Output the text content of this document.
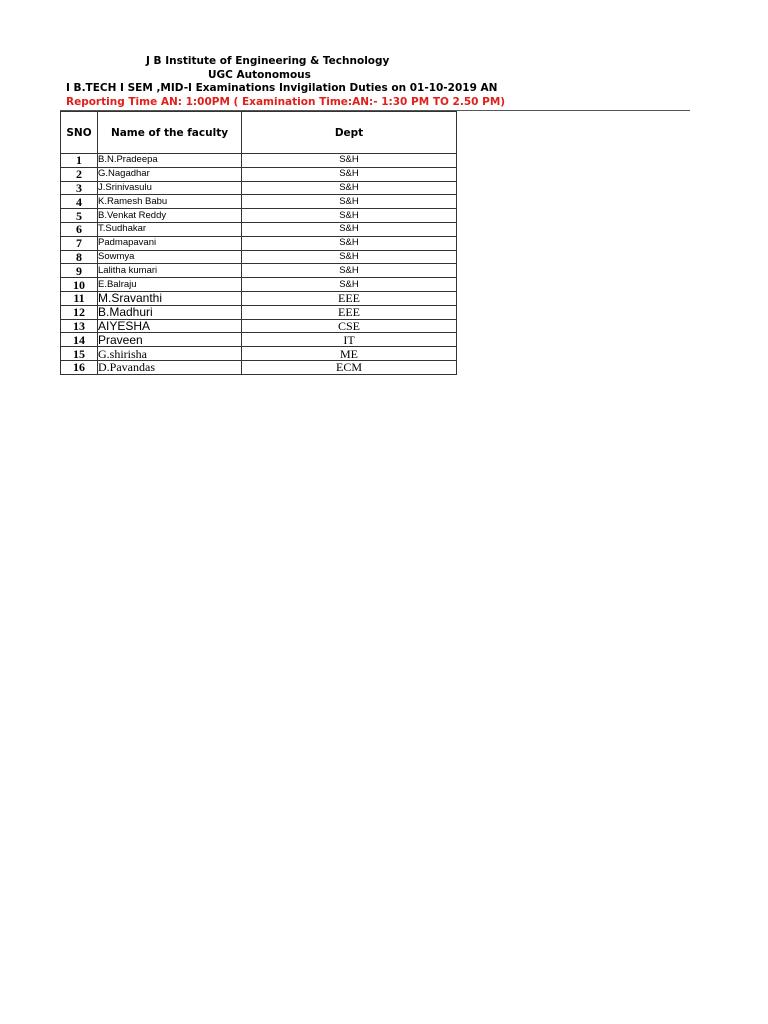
J B Institute of Engineering & Technology
UGC Autonomous
I B.TECH I SEM ,MID-I Examinations Invigilation Duties on 01-10-2019 AN
Reporting Time AN: 1:00PM ( Examination Time:AN:- 1:30 PM TO 2.50 PM)
SNO	Name of the faculty	Dept
1	B.N.Pradeepa	S&H
2	G.Nagadhar	S&H
3	J.Srinivasulu	S&H
4	K.Ramesh Babu	S&H
5	B.Venkat Reddy	S&H
6	T.Sudhakar	S&H
7	Padmapavani	S&H
8	Sowmya	S&H
9	Lalitha kumari	S&H
10	E.Balraju	S&H
11	M.Sravanthi	EEE
12	B.Madhuri	EEE
13	AIYESHA	CSE
14	Praveen	IT
15	G.shirisha	ME
16	D.Pavandas	ECM
